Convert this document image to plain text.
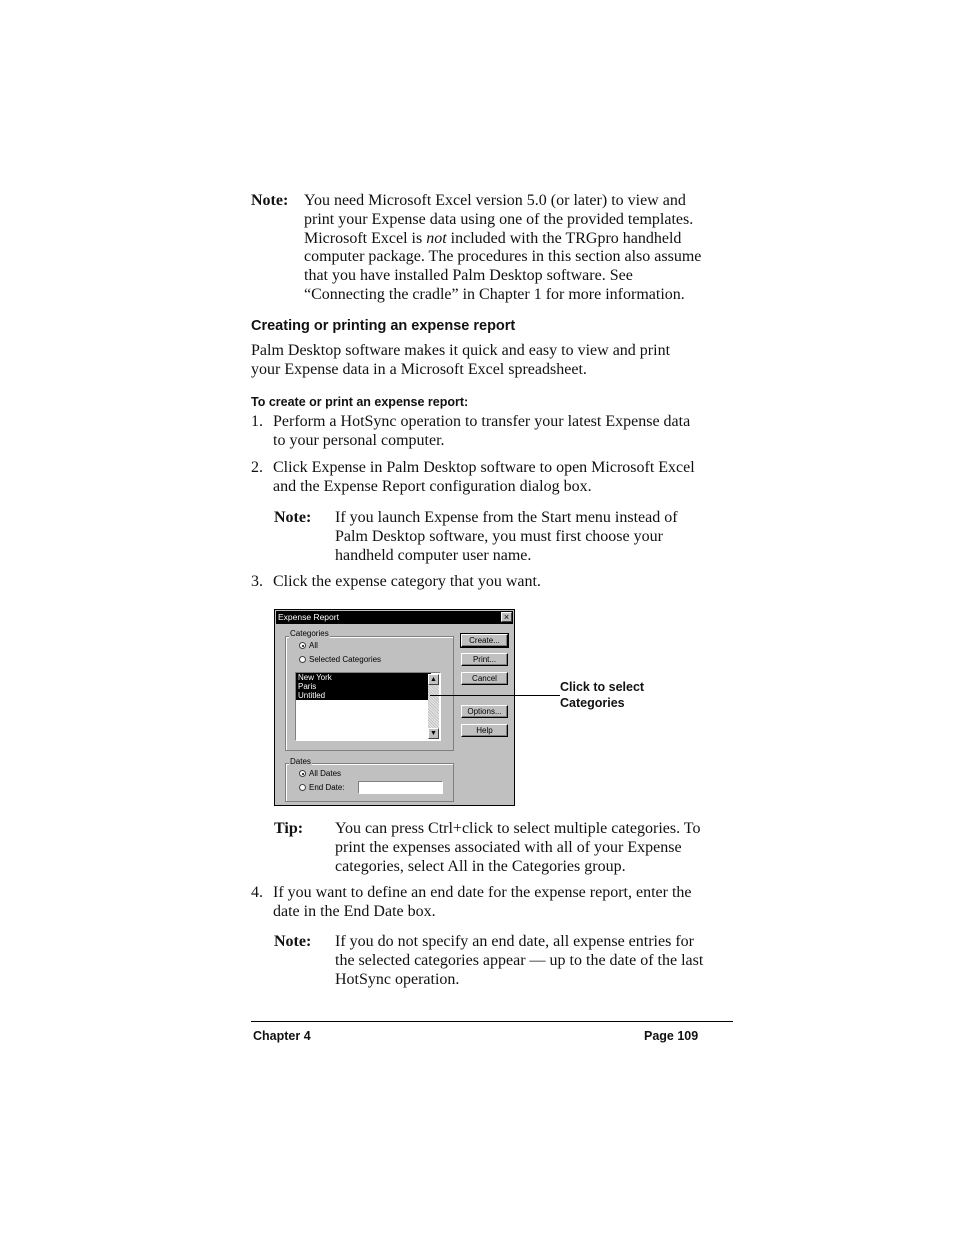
Note: You need Microsoft Excel version 5.0 (or later) to view and
print your Expense data using one of the provided templates.
Microsoft Excel is not included with the TRGpro handheld
computer package. The procedures in this section also assume
that you have installed Palm Desktop software. See
“Connecting the cradle” in Chapter 1 for more information.
Creating or printing an expense report
Palm Desktop software makes it quick and easy to view and print
your Expense data in a Microsoft Excel spreadsheet.
To create or print an expense report:
1. Perform a HotSync operation to transfer your latest Expense data
to your personal computer.
2. Click Expense in Palm Desktop software to open Microsoft Excel
and the Expense Report configuration dialog box.
3. Click the expense category that you want.
4. If you want to define an end date for the expense report, enter the
date in the End Date box.
Note: If you launch Expense from the Start menu instead of
Palm Desktop software, you must first choose your
handheld computer user name.
Expense Report	×
Categories
All
Selected Categories
New York
Paris
Untitled
▲
▼
Create...
Print...
Cancel
Options...
Help
Dates
All Dates
End Date:
Click to select
Categories
Tip: You can press Ctrl+click to select multiple categories. To
print the expenses associated with all of your Expense
categories, select All in the Categories group.
Note: If you do not specify an end date, all expense entries for
the selected categories appear — up to the date of the last
HotSync operation.
Chapter 4	Page 109
